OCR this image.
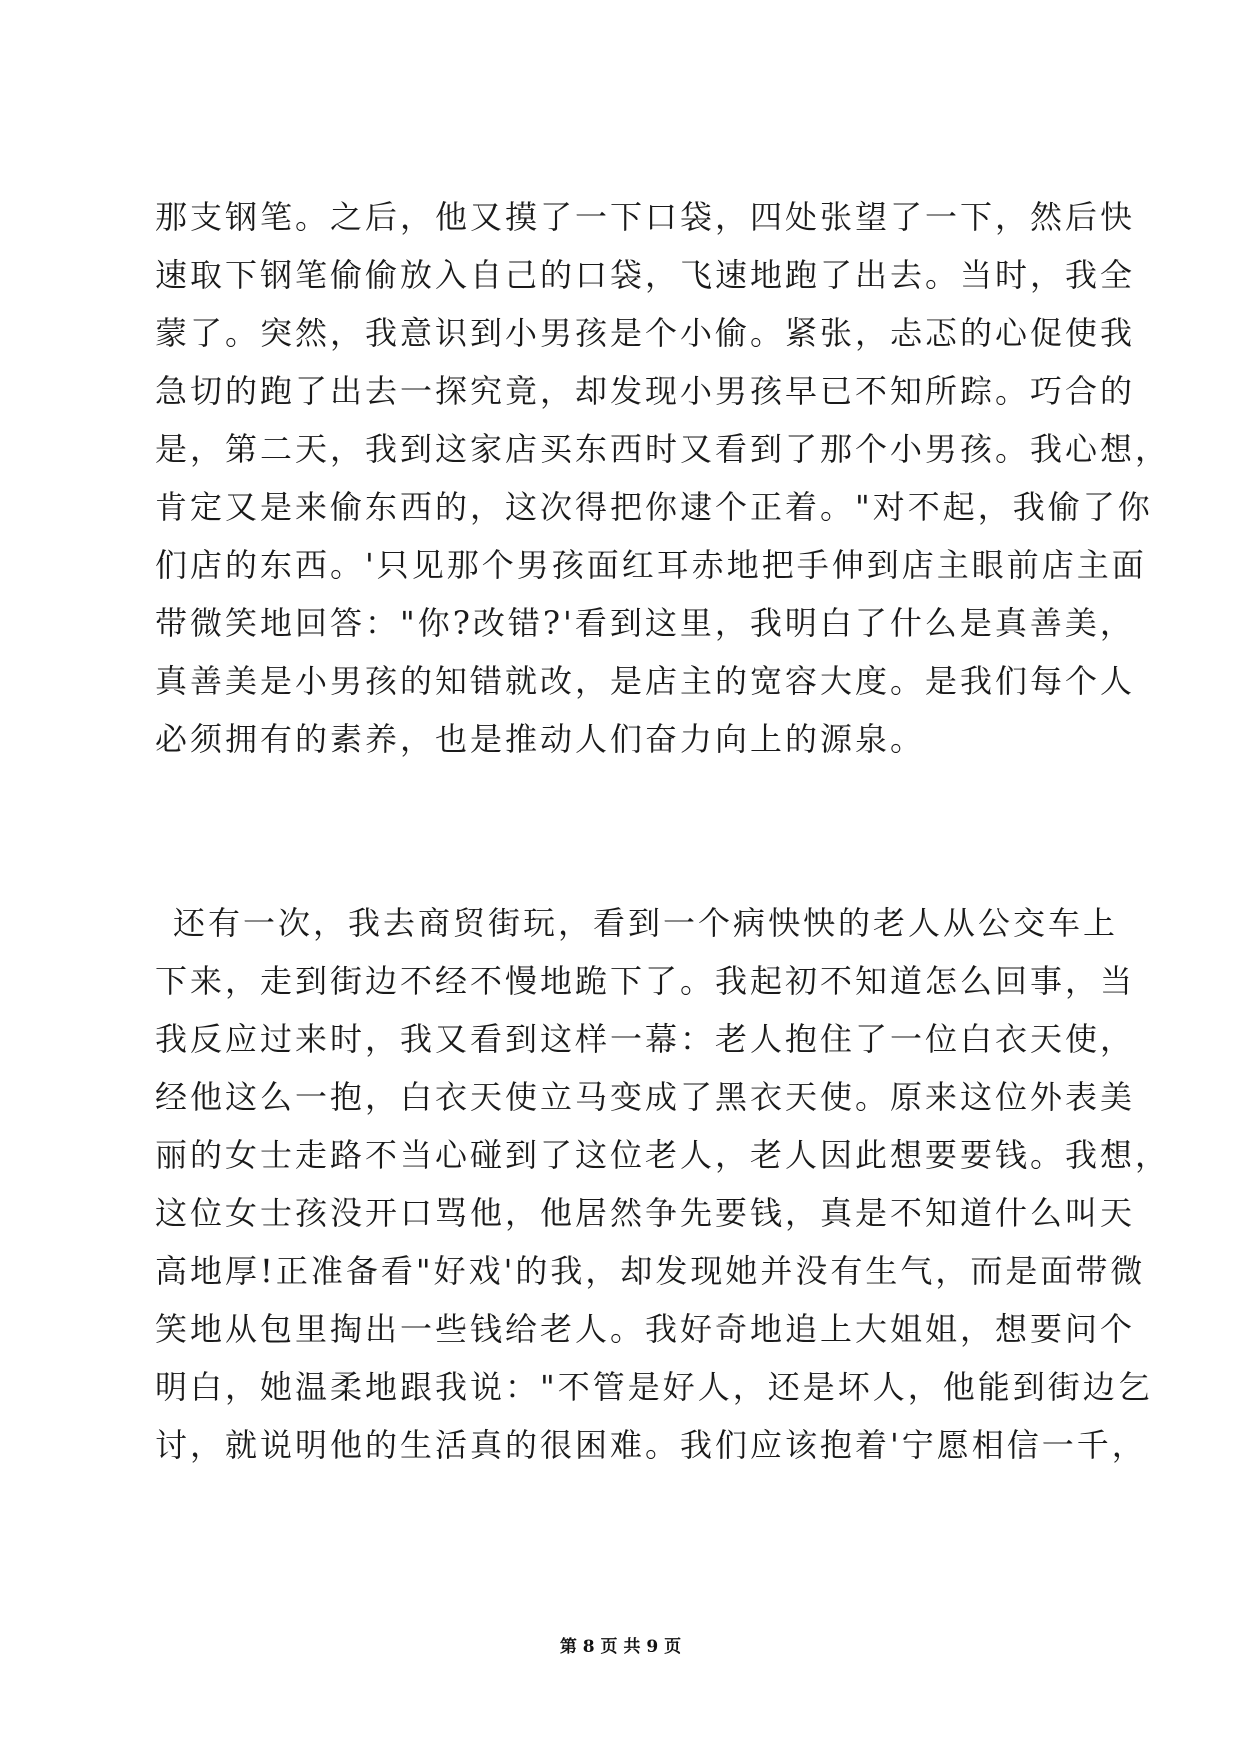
那支钢笔。之后，他又摸了一下口袋，四处张望了一下，然后快
速取下钢笔偷偷放入自己的口袋，飞速地跑了出去。当时，我全
蒙了。突然，我意识到小男孩是个小偷。紧张，忐忑的心促使我
急切的跑了出去一探究竟，却发现小男孩早已不知所踪。巧合的
是，第二天，我到这家店买东西时又看到了那个小男孩。我心想，
肯定又是来偷东西的，这次得把你逮个正着。"对不起，我偷了你
们店的东西。'只见那个男孩面红耳赤地把手伸到店主眼前店主面
带微笑地回答："你?改错?'看到这里，我明白了什么是真善美，
真善美是小男孩的知错就改，是店主的宽容大度。是我们每个人
必须拥有的素养，也是推动人们奋力向上的源泉。
还有一次，我去商贸街玩，看到一个病怏怏的老人从公交车上
下来，走到街边不经不慢地跪下了。我起初不知道怎么回事，当
我反应过来时，我又看到这样一幕：老人抱住了一位白衣天使，
经他这么一抱，白衣天使立马变成了黑衣天使。原来这位外表美
丽的女士走路不当心碰到了这位老人，老人因此想要要钱。我想，
这位女士孩没开口骂他，他居然争先要钱，真是不知道什么叫天
高地厚!正准备看"好戏'的我，却发现她并没有生气，而是面带微
笑地从包里掏出一些钱给老人。我好奇地追上大姐姐，想要问个
明白，她温柔地跟我说："不管是好人，还是坏人，他能到街边乞
讨，就说明他的生活真的很困难。我们应该抱着'宁愿相信一千，
第 8 页 共 9 页
